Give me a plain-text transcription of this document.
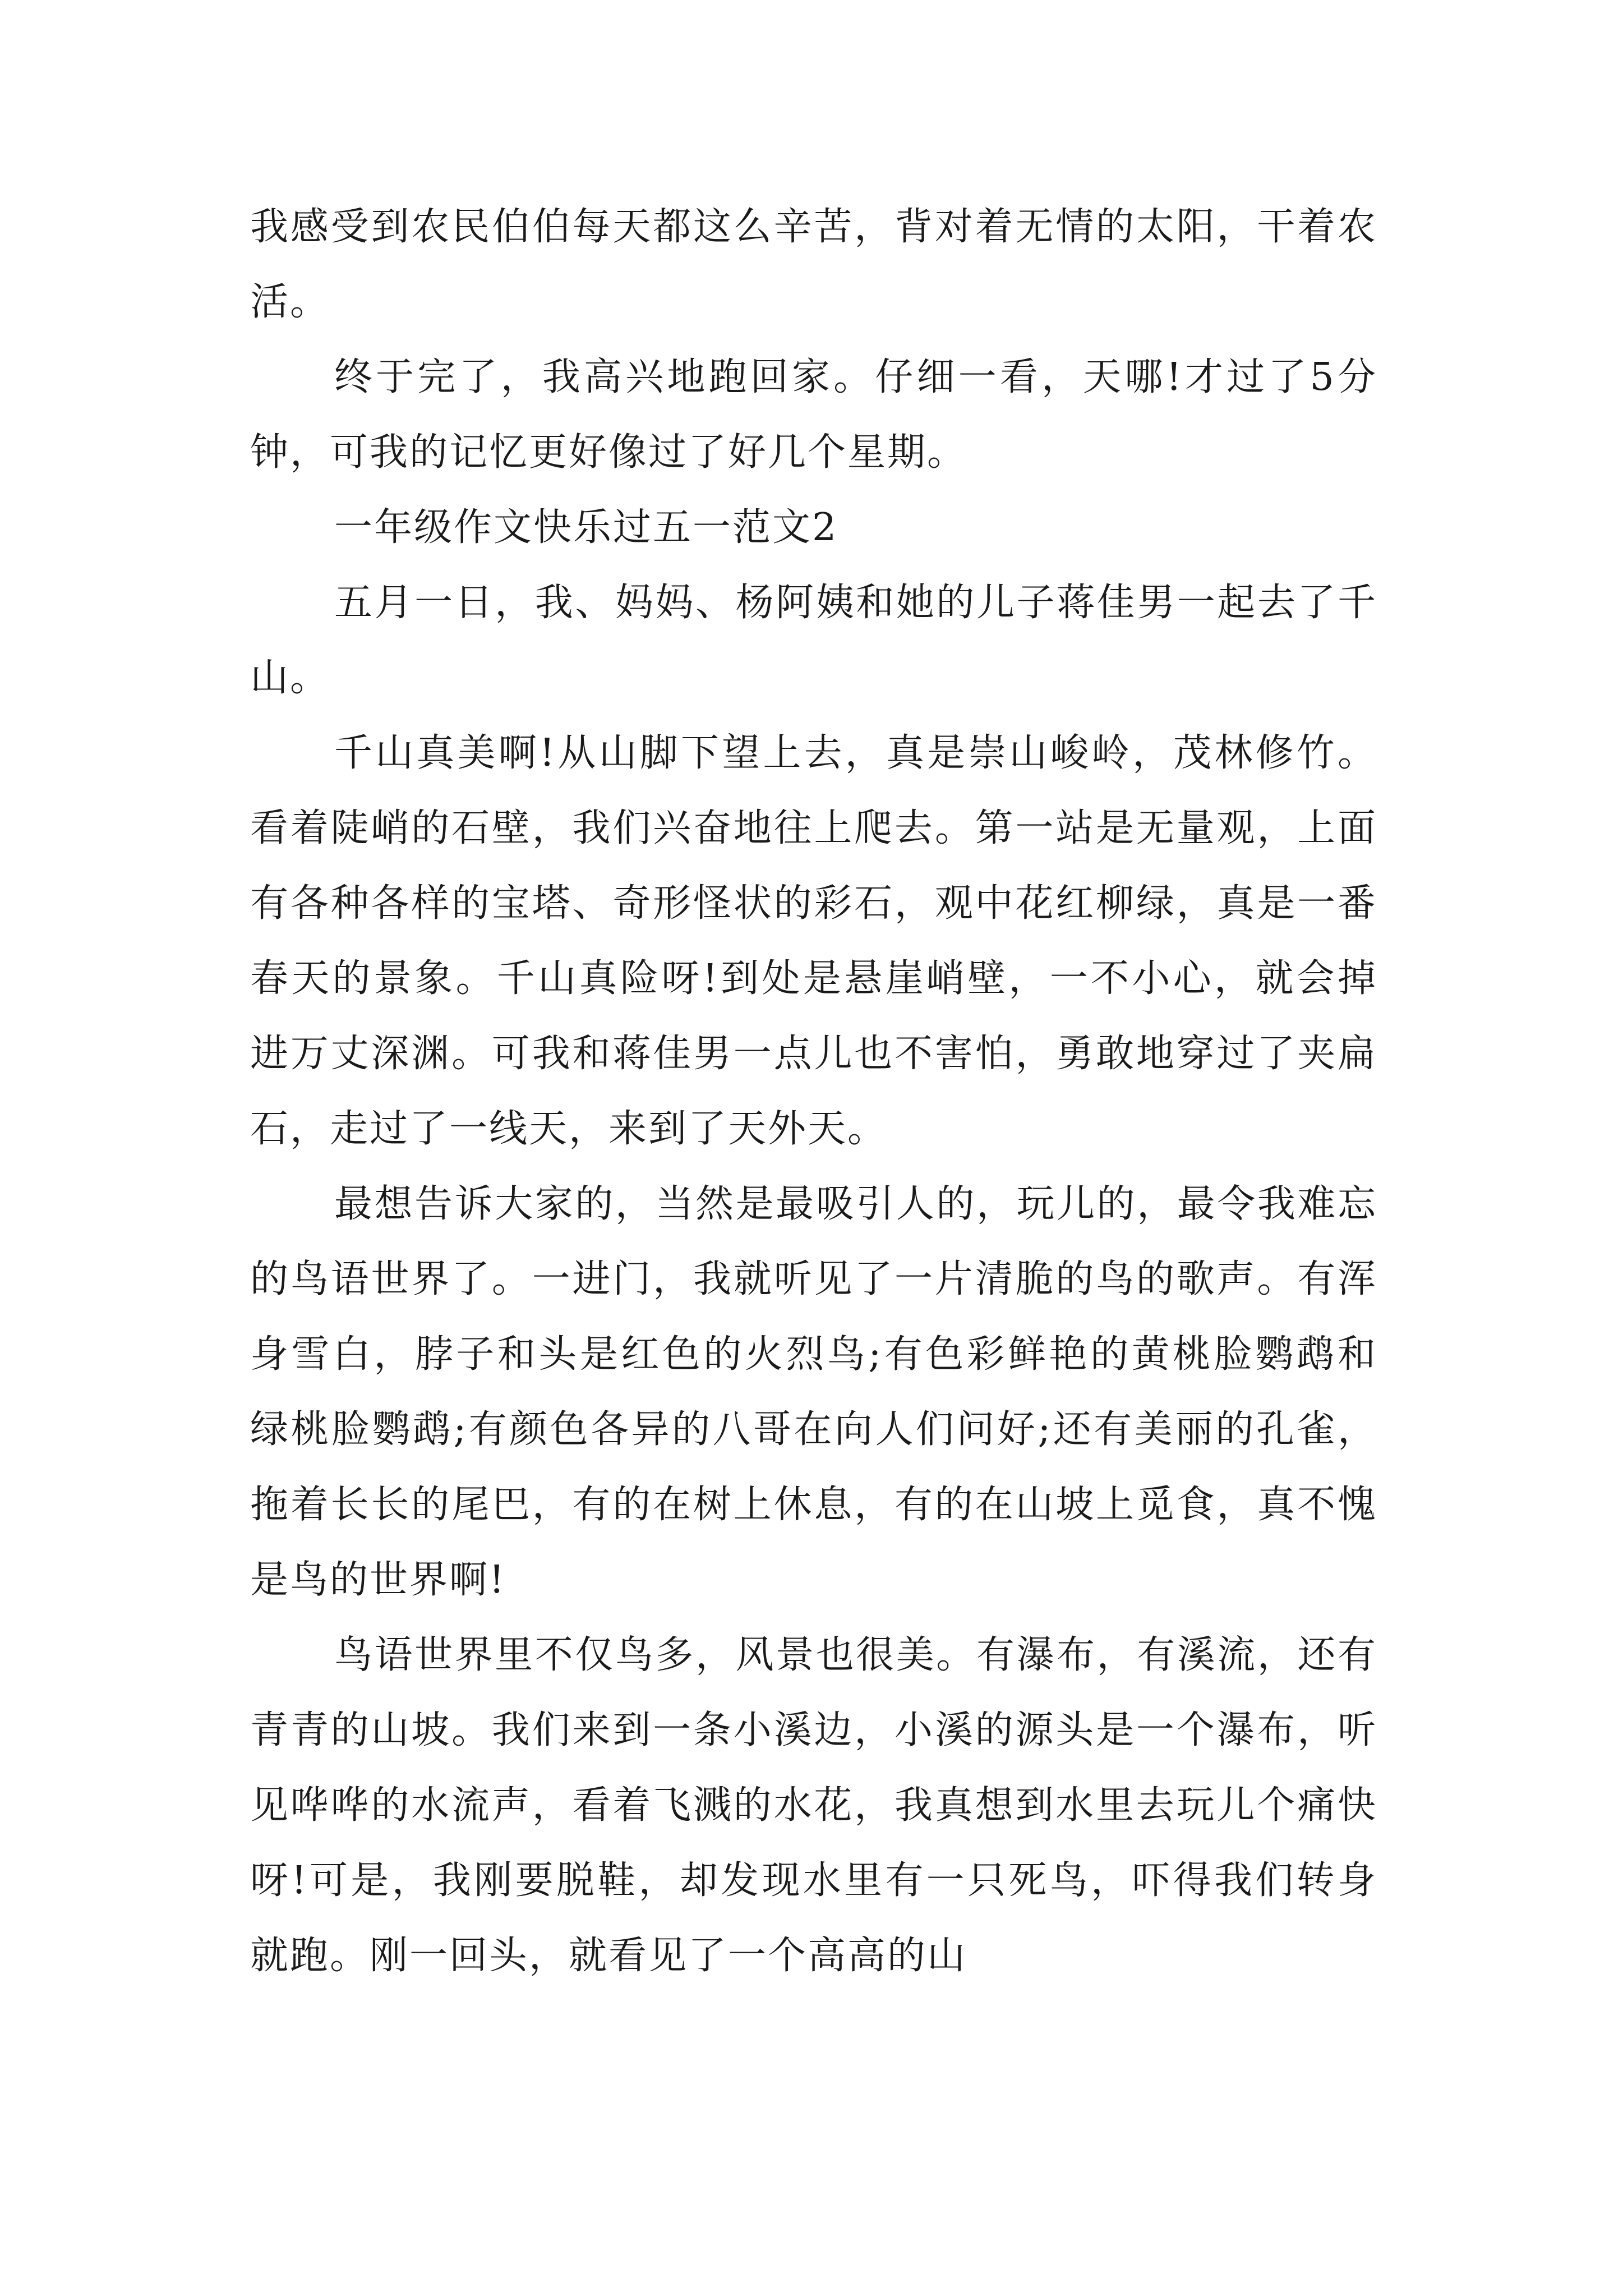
我感受到农民伯伯每天都这么辛苦，背对着无情的太阳，干着农活。

终于完了，我高兴地跑回家。仔细一看，天哪!才过了5分钟，可我的记忆更好像过了好几个星期。

一年级作文快乐过五一范文2

五月一日，我、妈妈、杨阿姨和她的儿子蒋佳男一起去了千山。

千山真美啊!从山脚下望上去，真是崇山峻岭，茂林修竹。看着陡峭的石壁，我们兴奋地往上爬去。第一站是无量观，上面有各种各样的宝塔、奇形怪状的彩石，观中花红柳绿，真是一番春天的景象。千山真险呀!到处是悬崖峭壁，一不小心，就会掉进万丈深渊。可我和蒋佳男一点儿也不害怕，勇敢地穿过了夹扁石，走过了一线天，来到了天外天。

最想告诉大家的，当然是最吸引人的，玩儿的，最令我难忘的鸟语世界了。一进门，我就听见了一片清脆的鸟的歌声。有浑身雪白，脖子和头是红色的火烈鸟;有色彩鲜艳的黄桃脸鹦鹉和绿桃脸鹦鹉;有颜色各异的八哥在向人们问好;还有美丽的孔雀，拖着长长的尾巴，有的在树上休息，有的在山坡上觅食，真不愧是鸟的世界啊!

鸟语世界里不仅鸟多，风景也很美。有瀑布，有溪流，还有青青的山坡。我们来到一条小溪边，小溪的源头是一个瀑布，听见哗哗的水流声，看着飞溅的水花，我真想到水里去玩儿个痛快呀!可是，我刚要脱鞋，却发现水里有一只死鸟，吓得我们转身就跑。刚一回头，就看见了一个高高的山
